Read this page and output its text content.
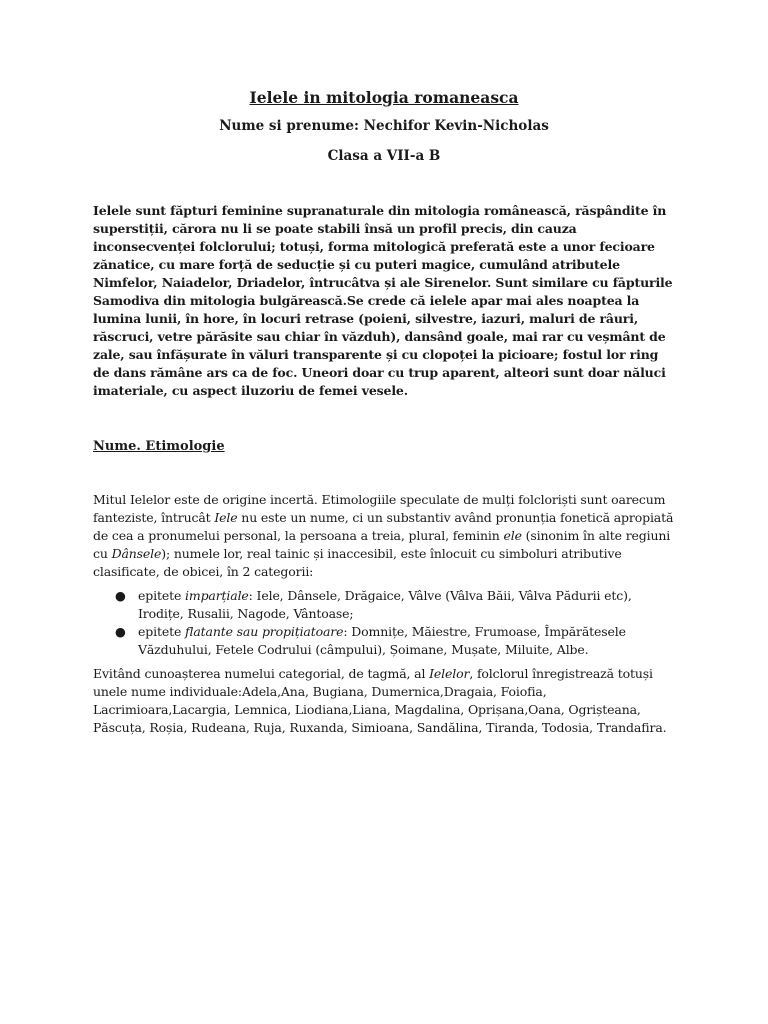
Ielele in mitologia romaneasca

Nume si prenume: Nechifor Kevin-Nicholas

Clasa a VII-a B

Ielele sunt făpturi feminine supranaturale din mitologia românească, răspândite în superstiții, cărora nu li se poate stabili însă un profil precis, din cauza inconsecvenței folclorului; totuși, forma mitologică preferată este a unor fecioare zănatice, cu mare forță de seducție și cu puteri magice, cumulând atributele Nimfelor, Naiadelor, Driadelor, întrucâtva și ale Sirenelor. Sunt similare cu fāpturile Samodiva din mitologia bulgărească.Se crede că ielele apar mai ales noaptea la lumina lunii, în hore, în locuri retrase (poieni, silvestre, iazuri, maluri de râuri, răscruci, vetre părăsite sau chiar în văzduh), dansând goale, mai rar cu veșmânt de zale, sau înfășurate în văluri transparente și cu clopoței la picioare; fostul lor ring de dans rămâne ars ca de foc. Uneori doar cu trup aparent, alteori sunt doar năluci imateriale, cu aspect iluzoriu de femei vesele.

Nume. Etimologie

Mitul Ielelor este de origine incertă. Etimologiile speculate de mulți folcloriști sunt oarecum fanteziste, întrucât Iele nu este un nume, ci un substantiv având pronunția fonetică apropiată de cea a pronumelui personal, la persoana a treia, plural, feminin ele (sinonim în alte regiuni cu Dânsele); numele lor, real tainic și inaccesibil, este înlocuit cu simboluri atributive clasificate, de obicei, în 2 categorii:

● epitete imparțiale: Iele, Dânsele, Drăgaice, Vâlve (Vâlva Băii, Vâlva Pădurii etc), Irodițe, Rusalii, Nagode, Vântoase;
● epitete flatante sau propițiatoare: Domnițe, Măiestre, Frumoase, Împărătesele Văzduhului, Fetele Codrului (câmpului), Șoimane, Mușate, Miluite, Albe.

Evitând cunoașterea numelui categorial, de tagmă, al Ielelor, folclorul înregistrează totuși unele nume individuale:Adela,Ana, Bugiana, Dumernica,Dragaia, Foiofia, Lacrimioara,Lacargia, Lemnica, Liodiana,Liana, Magdalina, Oprișana,Oana, Ogrișteana, Păscuța, Roșia, Rudeana, Ruja, Ruxanda, Simioana, Sandălina, Tiranda, Todosia, Trandafira.
